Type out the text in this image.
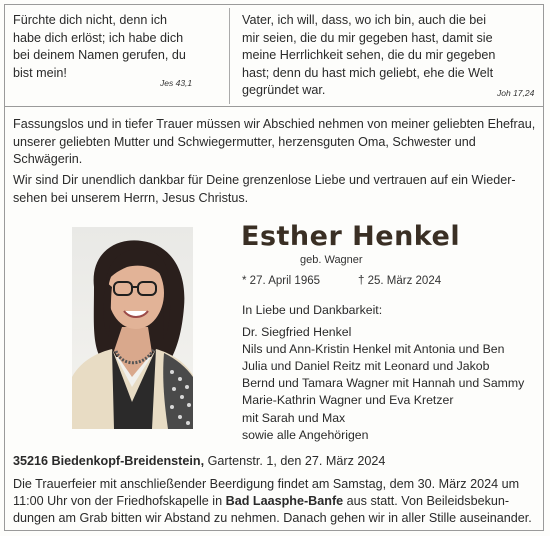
Fürchte dich nicht, denn ich
habe dich erlöst; ich habe dich
bei deinem Namen gerufen, du
bist mein!
Jes 43,1
Vater, ich will, dass, wo ich bin, auch die bei
mir seien, die du mir gegeben hast, damit sie
meine Herrlichkeit sehen, die du mir gegeben
hast; denn du hast mich geliebt, ehe die Welt
gegründet war.	Joh 17,24
Fassungslos und in tiefer Trauer müssen wir Abschied nehmen von meiner geliebten Ehefrau,
unserer geliebten Mutter und Schwiegermutter, herzensguten Oma, Schwester und
Schwägerin.
Wir sind Dir unendlich dankbar für Deine grenzenlose Liebe und vertrauen auf ein Wieder-
sehen bei unserem Herrn, Jesus Christus.
Esther Henkel
geb. Wagner
* 27. April 1965	† 25. März 2024
In Liebe und Dankbarkeit:
Dr. Siegfried Henkel
Nils und Ann-Kristin Henkel mit Antonia und Ben
Julia und Daniel Reitz mit Leonard und Jakob
Bernd und Tamara Wagner mit Hannah und Sammy
Marie-Kathrin Wagner und Eva Kretzer
mit Sarah und Max
sowie alle Angehörigen
35216 Biedenkopf-Breidenstein, Gartenstr. 1, den 27. März 2024
Die Trauerfeier mit anschließender Beerdigung findet am Samstag, dem 30. März 2024 um
11:00 Uhr von der Friedhofskapelle in Bad Laasphe-Banfe aus statt. Von Beileidsbekun-
dungen am Grab bitten wir Abstand zu nehmen. Danach gehen wir in aller Stille auseinander.
